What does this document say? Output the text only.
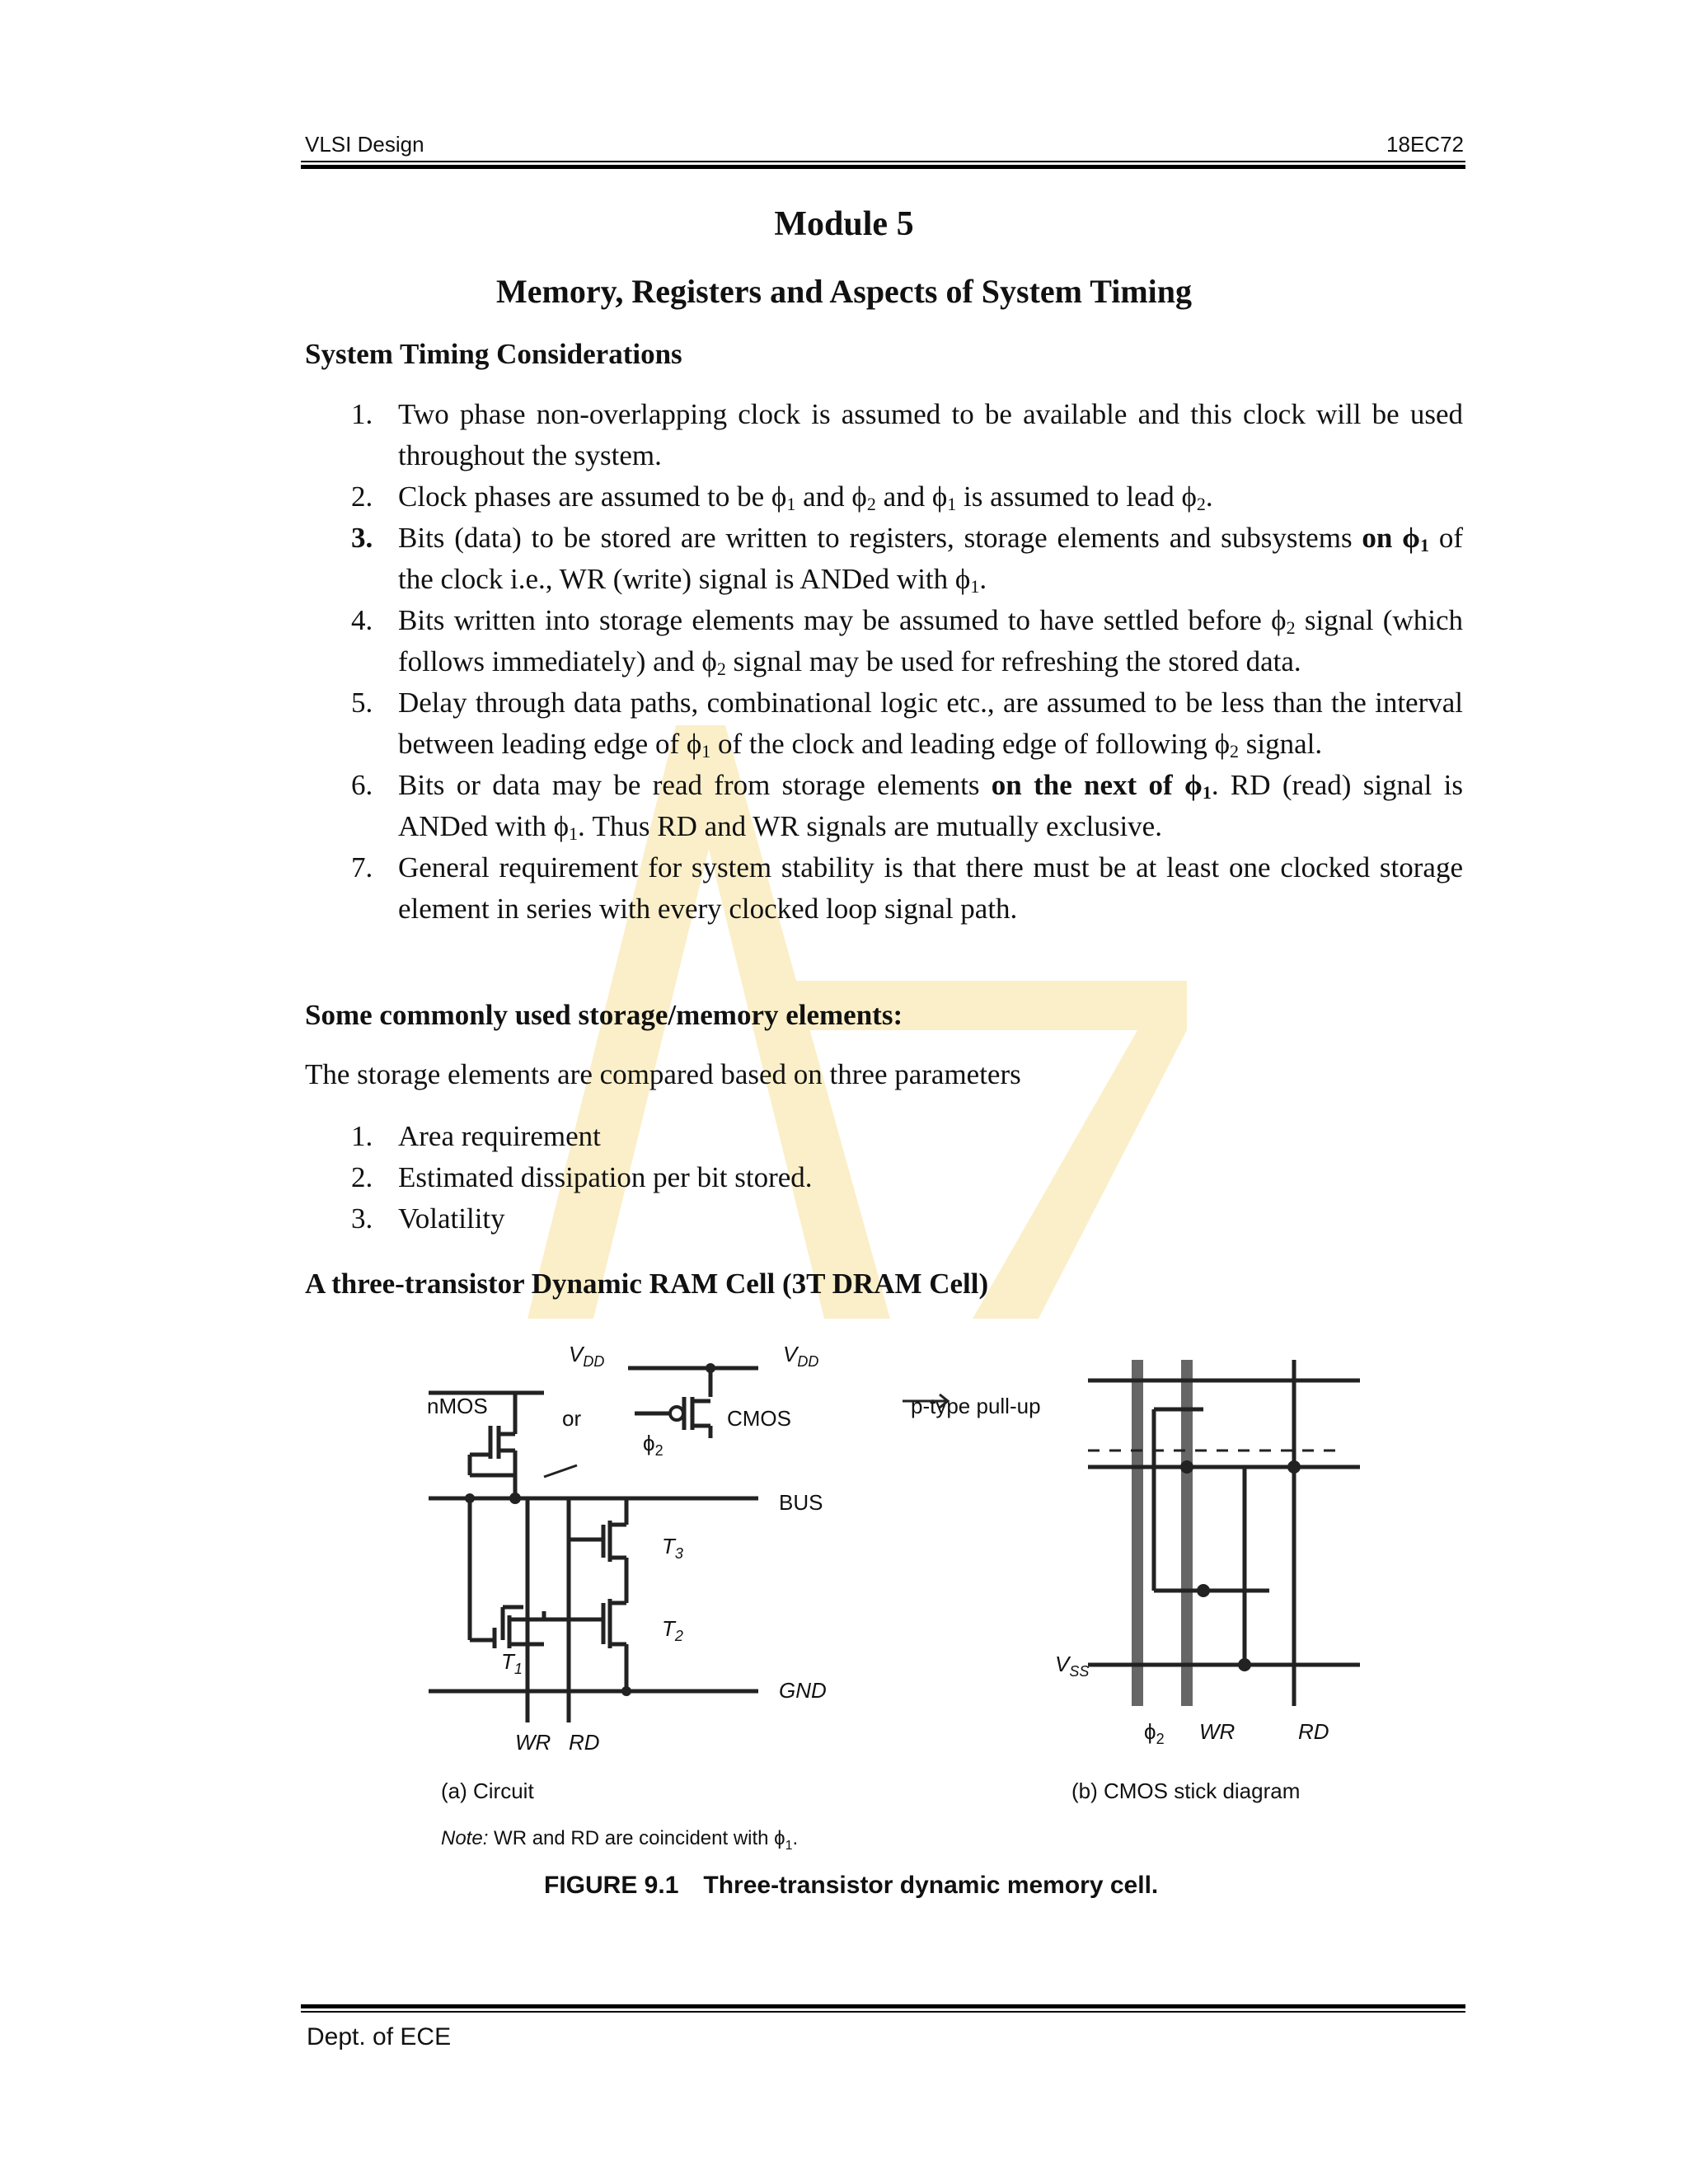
VLSI Design	18EC72
Module 5
Memory, Registers and Aspects of System Timing
System Timing Considerations
1. Two phase non-overlapping clock is assumed to be available and this clock will be used throughout the system.
2. Clock phases are assumed to be $\phi_1$ and $\phi_2$ and $\phi_1$ is assumed to lead $\phi_2$.
3. Bits (data) to be stored are written to registers, storage elements and subsystems on $\phi_1$ of the clock i.e., WR (write) signal is ANDed with $\phi_1$.
4. Bits written into storage elements may be assumed to have settled before $\phi_2$ signal (which follows immediately) and $\phi_2$ signal may be used for refreshing the stored data.
5. Delay through data paths, combinational logic etc., are assumed to be less than the interval between leading edge of $\phi_1$ of the clock and leading edge of following $\phi_2$ signal.
6. Bits or data may be read from storage elements on the next of $\phi_1$. RD (read) signal is ANDed with $\phi_1$. Thus RD and WR signals are mutually exclusive.
7. General requirement for system stability is that there must be at least one clocked storage element in series with every clocked loop signal path.
Some commonly used storage/memory elements:
The storage elements are compared based on three parameters
1. Area requirement
2. Estimated dissipation per bit stored.
3. Volatility
A three-transistor Dynamic RAM Cell (3T DRAM Cell)
$V_{DD}$	$V_{DD}$
nMOS	or	CMOS
$\phi_2$
BUS
$T_3$
$T_2$
$T_1$
GND
WR RD
p-type pull-up
$V_{SS}$
$\phi_2$ WR	RD
(a) Circuit	(b) CMOS stick diagram
Note: WR and RD are coincident with $\phi_1$.
FIGURE 9.1 Three-transistor dynamic memory cell.
Dept. of ECE
